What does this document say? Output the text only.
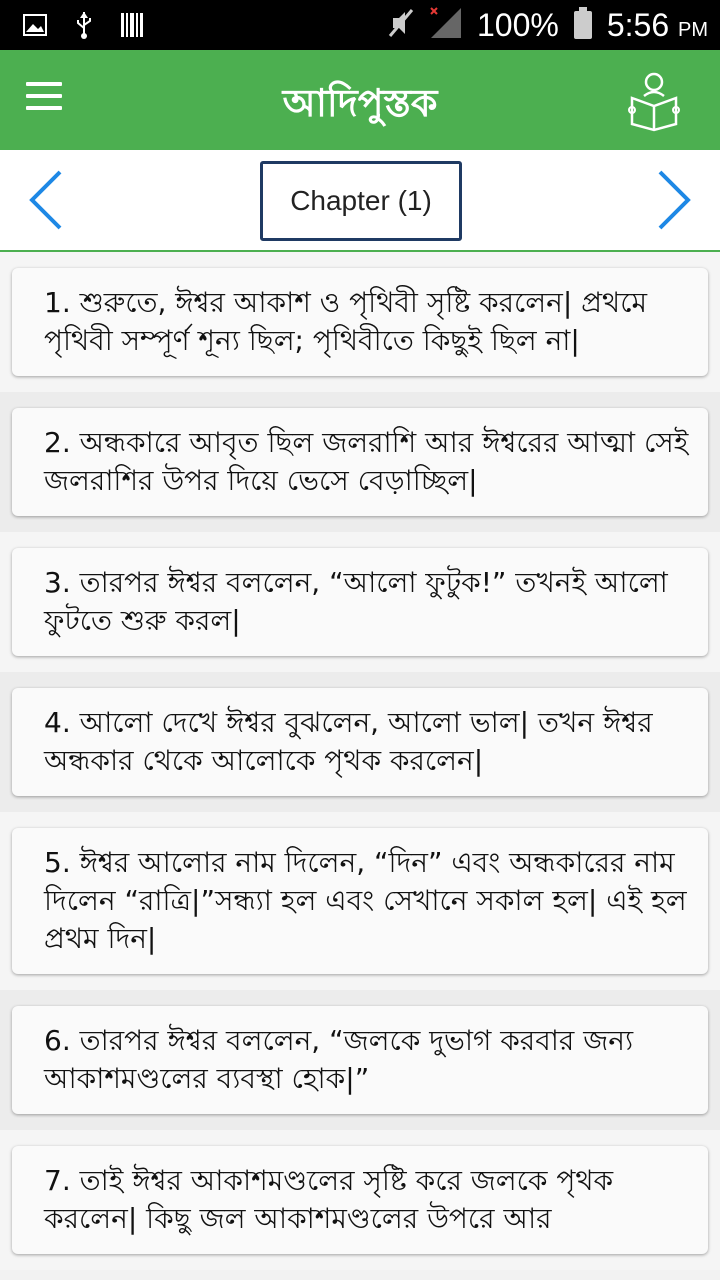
100% 5:56 PM
আদিপুস্তক
Chapter (1)
1. শুরুতে, ঈশ্বর আকাশ ও পৃথিবী সৃষ্টি করলেন| প্রথমে পৃথিবী সম্পূর্ণ শূন্য ছিল; পৃথিবীতে কিছুই ছিল না|
2. অন্ধকারে আবৃত ছিল জলরাশি আর ঈশ্বরের আত্মা সেই জলরাশির উপর দিয়ে ভেসে বেড়াচ্ছিল|
3. তারপর ঈশ্বর বললেন, “আলো ফুটুক!” তখনই আলো ফুটতে শুরু করল|
4. আলো দেখে ঈশ্বর বুঝলেন, আলো ভাল| তখন ঈশ্বর অন্ধকার থেকে আলোকে পৃথক করলেন|
5. ঈশ্বর আলোর নাম দিলেন, “দিন” এবং অন্ধকারের নাম দিলেন “রাত্রি|”সন্ধ্যা হল এবং সেখানে সকাল হল| এই হল প্রথম দিন|
6. তারপর ঈশ্বর বললেন, “জলকে দুভাগ করবার জন্য আকাশমণ্ডলের ব্যবস্থা হোক|”
7. তাই ঈশ্বর আকাশমণ্ডলের সৃষ্টি করে জলকে পৃথক করলেন| কিছু জল আকাশমণ্ডলের উপরে আর
